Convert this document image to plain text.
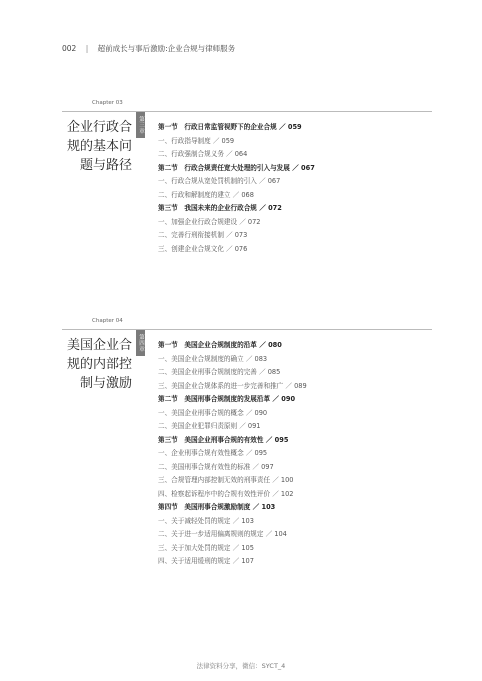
002 | 超前成长与事后激励:企业合规与律师服务
Chapter 03
企业行政合
规的基本问
题与路径
第三章 第一节　行政日常监管视野下的企业合规 ／ 059
一、行政指导制度 ／ 059
二、行政强制合规义务 ／ 064
第二节　行政合规责任宽大处理的引入与发展 ／ 067
一、行政合规从宽处罚机制的引入 ／ 067
二、行政和解制度的建立 ／ 068
第三节　我国未来的企业行政合规 ／ 072
一、加强企业行政合规建设 ／ 072
二、完善行刑衔接机制 ／ 073
三、创建企业合规文化 ／ 076
Chapter 04
美国企业合
规的内部控
制与激励
第四章 第一节　美国企业合规制度的沿革 ／ 080
一、美国企业合规制度的确立 ／ 083
二、美国企业刑事合规制度的完善 ／ 085
三、美国企业合规体系的进一步完善和推广 ／ 089
第二节　美国刑事合规制度的发展沿革 ／ 090
一、美国企业刑事合规的概念 ／ 090
二、美国企业犯罪归责原则 ／ 091
第三节　美国企业刑事合规的有效性 ／ 095
一、企业刑事合规有效性概念 ／ 095
二、美国刑事合规有效性的标准 ／ 097
三、合规管理内部控制无效的刑事责任 ／ 100
四、检察起诉程序中的合规有效性评价 ／ 102
第四节　美国刑事合规激励制度 ／ 103
一、关于减轻处罚的规定 ／ 103
二、关于进一步适用偏离规则的规定 ／ 104
三、关于加大处罚的规定 ／ 105
四、关于适用缓刑的规定 ／ 107
法律资料分享，微信：SYCT_4
